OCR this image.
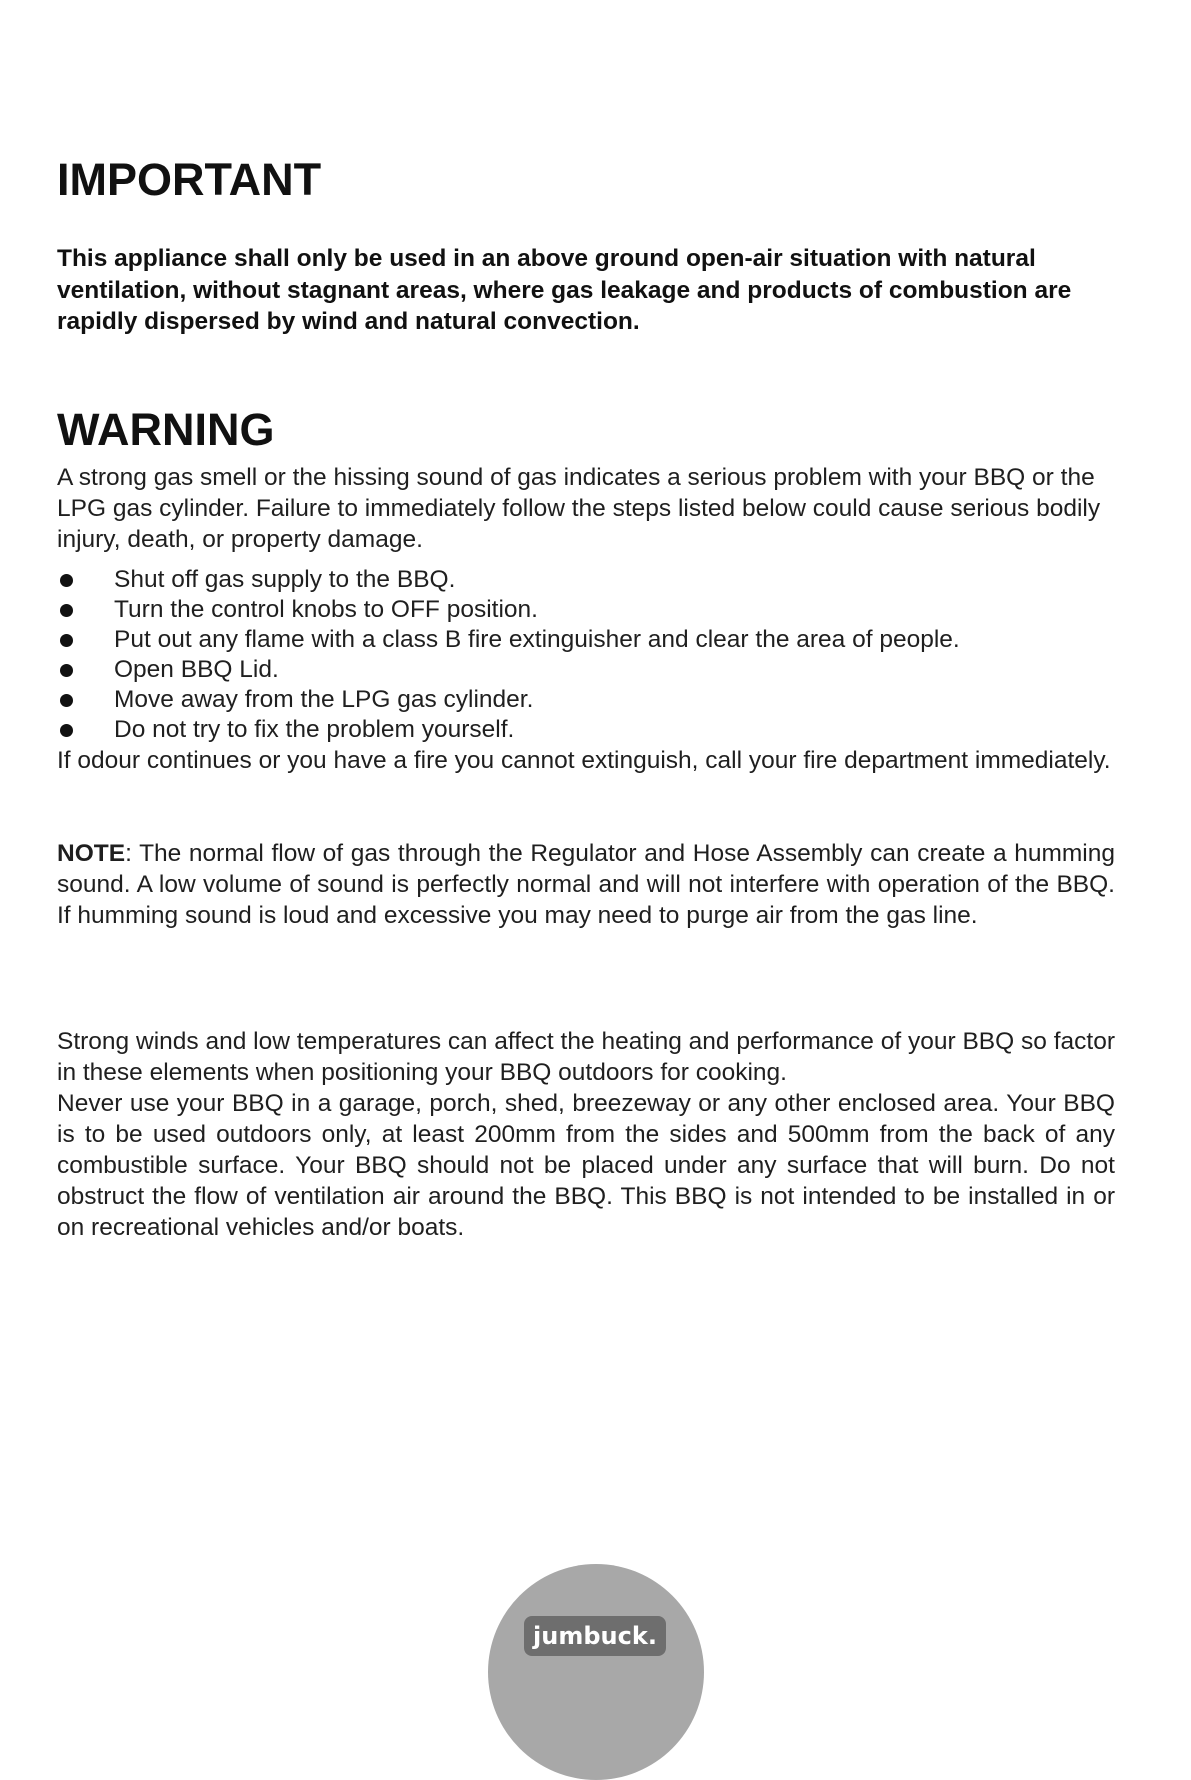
IMPORTANT

This appliance shall only be used in an above ground open-air situation with natural ventilation, without stagnant areas, where gas leakage and products of combustion are rapidly dispersed by wind and natural convection.

WARNING

A strong gas smell or the hissing sound of gas indicates a serious problem with your BBQ or the LPG gas cylinder. Failure to immediately follow the steps listed below could cause serious bodily injury, death, or property damage.

Shut off gas supply to the BBQ.
Turn the control knobs to OFF position.
Put out any flame with a class B fire extinguisher and clear the area of people.
Open BBQ Lid.
Move away from the LPG gas cylinder.
Do not try to fix the problem yourself.

If odour continues or you have a fire you cannot extinguish, call your fire department immediately.

NOTE: The normal flow of gas through the Regulator and Hose Assembly can create a humming sound. A low volume of sound is perfectly normal and will not interfere with operation of the BBQ. If humming sound is loud and excessive you may need to purge air from the gas line.

Strong winds and low temperatures can affect the heating and performance of your BBQ so factor in these elements when positioning your BBQ outdoors for cooking.

Never use your BBQ in a garage, porch, shed, breezeway or any other enclosed area. Your BBQ is to be used outdoors only, at least 200mm from the sides and 500mm from the back of any combustible surface. Your BBQ should not be placed under any surface that will burn. Do not obstruct the flow of ventilation air around the BBQ. This BBQ is not intended to be installed in or on recreational vehicles and/or boats.

jumbuck.
